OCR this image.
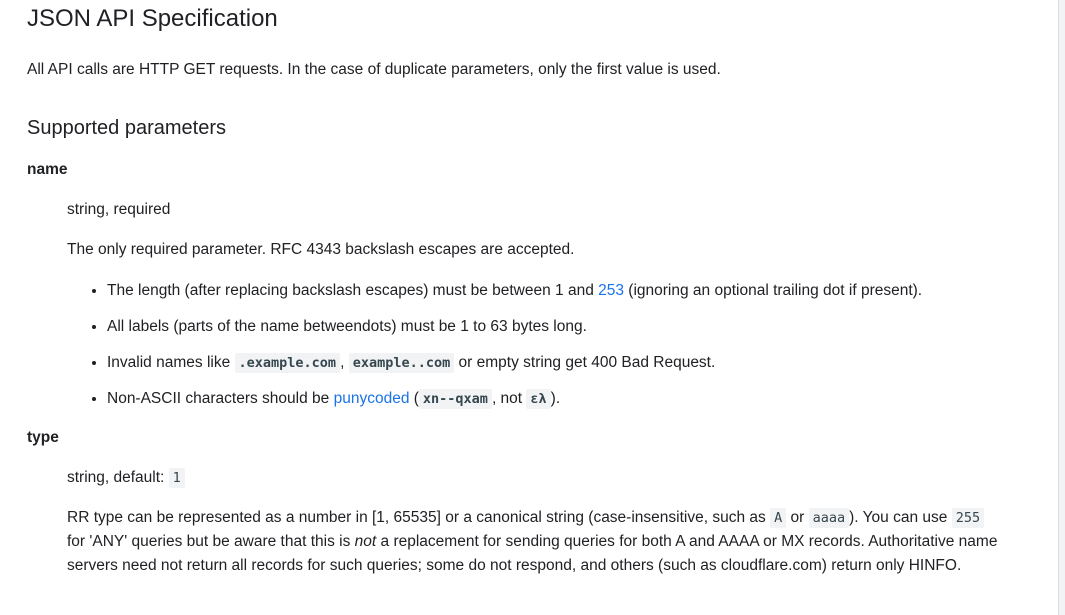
JSON API Specification
All API calls are HTTP GET requests. In the case of duplicate parameters, only the first value is used.
Supported parameters
name
string, required
The only required parameter. RFC 4343 backslash escapes are accepted.
• The length (after replacing backslash escapes) must be between 1 and 253 (ignoring an optional trailing dot if present).
• All labels (parts of the name betweendots) must be 1 to 63 bytes long.
• Invalid names like .example.com , example..com or empty string get 400 Bad Request.
• Non-ASCII characters should be punycoded ( xn--qxam , not ελ ).
type
string, default: 1
RR type can be represented as a number in [1, 65535] or a canonical string (case-insensitive, such as A or aaaa ). You can use 255 for 'ANY' queries but be aware that this is not a replacement for sending queries for both A and AAAA or MX records. Authoritative name servers need not return all records for such queries; some do not respond, and others (such as cloudflare.com) return only HINFO.
